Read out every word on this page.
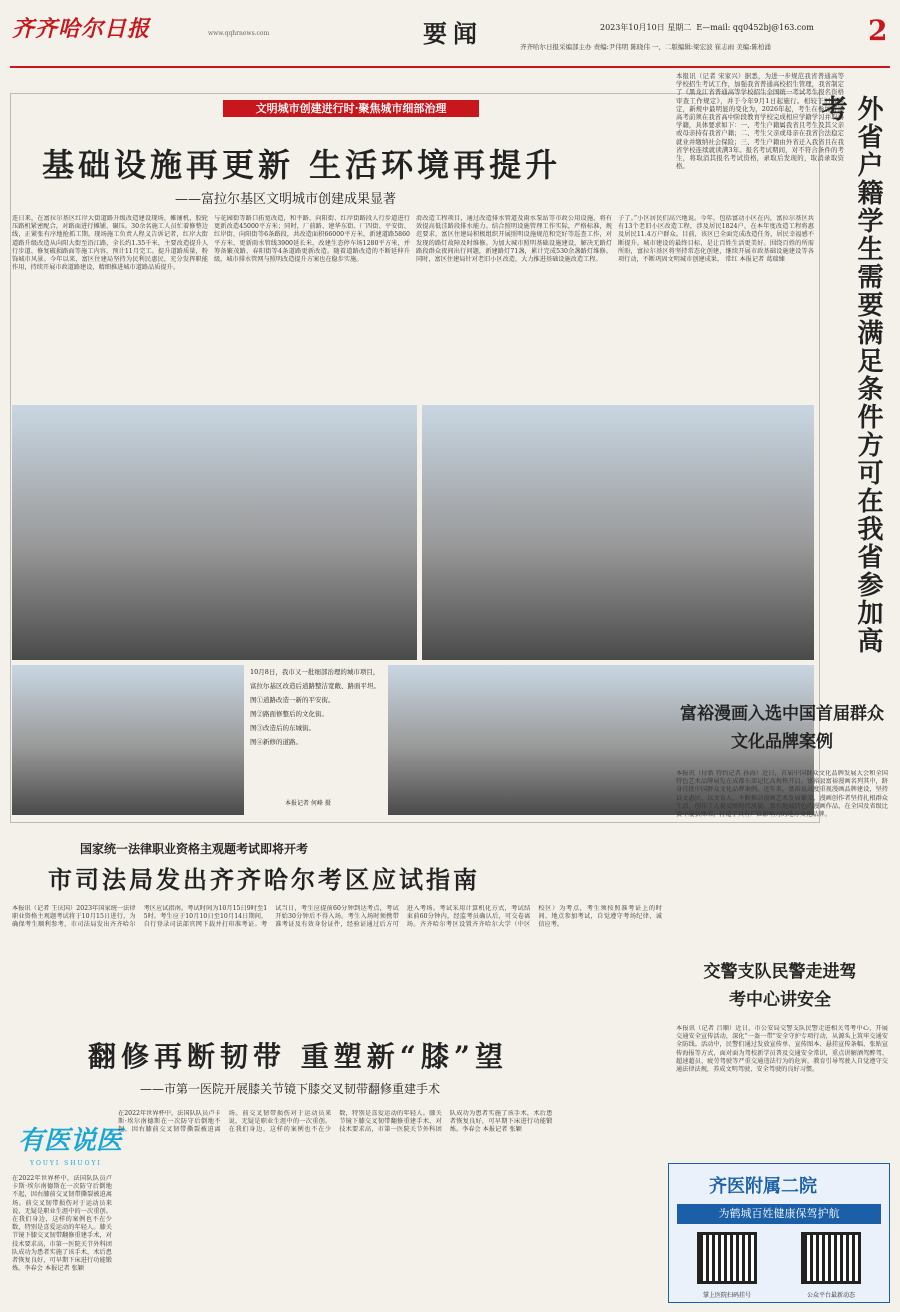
齐齐哈尔日报	www.qqhrnews.com	要闻	2023年10月10日 星期二 E—mail: qq0452bj@163.com 2
齐齐哈尔日报采编部主办 责编:尹伟明 陈晓伟 一、二版编辑:梁宏波 崔志雨 美编:陈柏涌
文明城市创建进行时·聚焦城市细部治理
基础设施再更新 生活环境再提升
——富拉尔基区文明城市创建成果显著
连日来，在富拉尔基区红岸大街道路升级改造建设现场，摊铺机、胶轮压路机紧密配合，对路面进行摊铺、碾压。30余名施工人员忙着修整边线，正紧张有序地抢抓工期。现场施工负责人程义告诉记者，红岸大街道路升级改造从向阳大街至沿江路，全长约1.35千米，主要改造提升人行步道、修复破损路面等施工内容，预计11月完工。提升道路质量，粉饰城市风景。今年以来，富区住建局坚持为民利民惠民，充分发挥职能作用，持续开展市政道路建设，精细推进城市道路品质提升。
与花园街等路口拓宽改造，和平路、向阳街、红岸街路段人行步道进行更新改造45000平方米；同时，厂前路、建华东街、厂四街、平安街、红岸街、向阳街等6条路段，共改造面积66000平方米，新建道路5860平方米，更新雨水管线3900延长米，改建生态停车场1280平方米，并筹备繁茂路、春阳街等4条道路更新改造。随着道路改造的不断延伸升级，城市排水管网与照明改造提升方案也在稳步实施。
滑改造工程项目，通过改造排水管道及雨水泵站等市政公用设施，将有效提高低洼路段排水能力。结合照明设施管理工作实际，严格标准，规范要求，富区住建局积极组织开展照明设施规范和完好等巡查工作，对发现的路灯故障及时维修。为加大城市照明基础设施建设，解决无路灯路段群众夜间出行问题，新建路灯71盏，累计完成530余盏路灯维修。同时，富区住建局针对老旧小区改造，大力推进基础设施改造工程。
子了。”小区居民们高兴地说。今年，包括富动小区在内，富拉尔基区共有13个老旧小区改造工程，涉及居民1824户，在本年度改造工程将惠及居民11.4万户群众。目前，该区已全面完成改造任务，居民幸福感不断提升。城市建设的最终目标，是让百姓生活更美好。围绕百姓的所需所盼，富拉尔基区将坚持常态化创建，继续开展市政基础设施建设等各项行动，不断巩固文明城市创建成果。 常红 本报记者 葛瑞臻
10月8日，我市又一批细部治理的城市项目，富拉尔基区改造后道路整洁宽敞、路面平坦。
图①道路改造一新的平安街。
图②路面修整后的文化街。
图③改造后的东城街。
图④新修的道路。
本报记者 何峰 摄
外省户籍学生需要满足条件方可在我省参加高考
本报讯（记者 宋家兴）据悉，为进一步规范我省普通高等学校招生考试工作，加强我省普通高校招生管理，我省制定了《黑龙江省普通高等学校招生全国统一考试考生报名资格审查工作规定》，并于今年9月1日起施行。相较于旧版规定，新规中最明显的变化为，2026年起，考生在参加普通高考前须在我省高中阶段教育学校完成相应学籍学习并取得学籍，具体要求如下：一、考生户籍属我省且考生及其父亲或母亲持有我省户籍；二、考生父亲或母亲在我省合法稳定就业并缴纳社会保险；三、考生户籍由外省迁入我省且在我省学校连续就读满3年。报名考试期间，对不符合条件的考生，将取消其报名考试资格，录取后发现的，取消录取资格。
富裕漫画入选中国首届群众文化品牌案例
本报讯（付新 特约记者 孙海）近日，首届中国群众文化品牌发展大会和全国特色艺术品牌展览在成都东郊记忆高规格开启。富裕县富裕漫画名列其中，跻身首批中国群众文化品牌案例。近年来，富裕县高度重视漫画品牌建设，坚持以文惠民、以文育人，不断推动漫画艺术发展繁荣，漫画创作者坚持扎根群众生活，创作了大量反映时代风貌、富有地域特色的漫画作品，在全国及省级比赛中屡获殊荣，打造了具有广泛影响力的地方文化品牌。
交警支队民警走进驾考中心讲安全
本报讯（记者 吕顺）近日，市公安局交警支队民警走进相关驾考中心，开展交通安全宣传活动，深化“一盔一带”安全守护专项行动，从源头上筑牢交通安全防线。活动中，民警们通过发放宣传单、宣传图本、悬挂宣传条幅、张贴宣传海报等方式，面对面为驾校新学员普及交通安全常识，重点讲解酒驾醉驾、超速超员、疲劳驾驶等严重交通违法行为的危害，教育引导驾驶人自觉遵守交通法律法规，养成文明驾驶、安全驾驶的良好习惯。
国家统一法律职业资格主观题考试即将开考
市司法局发出齐齐哈尔考区应试指南
本报讯（记者 王庆国）2023年国家统一法律职业资格主观题考试将于10月15日进行，为确保考生顺利参考，市司法局发出齐齐哈尔考区应试指南。考试时间为10月15日9时至15时。考生应于10月10日至10月14日期间，自行登录司法部官网下载并打印准考证。考试当日，考生应提前60分钟到达考点，考试开始30分钟后不得入场。考生入场时须携带准考证及有效身份证件，经验证通过后方可进入考场。考试采用计算机化方式，考试结束前60分钟内，经监考员确认后，可交卷离场。齐齐哈尔考区设置齐齐哈尔大学（中区校区）为考点，考生须按照准考证上的时间、地点参加考试，自觉遵守考场纪律，诚信应考。
翻修再断韧带 重塑新“膝”望
——市第一医院开展膝关节镜下膝交叉韧带翻修重建手术
有医说医
YOUYI SHUOYI
在2022年世界杯中，法国队队员卢卡斯·埃尔南德斯在一次防守后倒地不起，因右膝前交叉韧带撕裂被迫离场。前交叉韧带损伤对于运动员来说，无疑是职业生涯中的一次重创。在我们身边，这样的案例也不在少数，特别是喜爱运动的年轻人。膝关节镜下膝交叉韧带翻修重建手术，对技术要求高，市第一医院关节外科团队成功为患者实施了该手术，术后患者恢复良好，可早期下床进行功能锻炼。李春会 本报记者 张颖
在2022年世界杯中，法国队队员卢卡斯·埃尔南德斯在一次防守后倒地不起，因右膝前交叉韧带撕裂被迫离场。前交叉韧带损伤对于运动员来说，无疑是职业生涯中的一次重创。在我们身边，这样的案例也不在少数，特别是喜爱运动的年轻人。膝关节镜下膝交叉韧带翻修重建手术，对技术要求高，市第一医院关节外科团队成功为患者实施了该手术，术后患者恢复良好，可早期下床进行功能锻炼。李春会 本报记者 张颖
齐医附属二院
为鹤城百姓健康保驾护航
掌上医院扫码挂号	公众平台最新动态
